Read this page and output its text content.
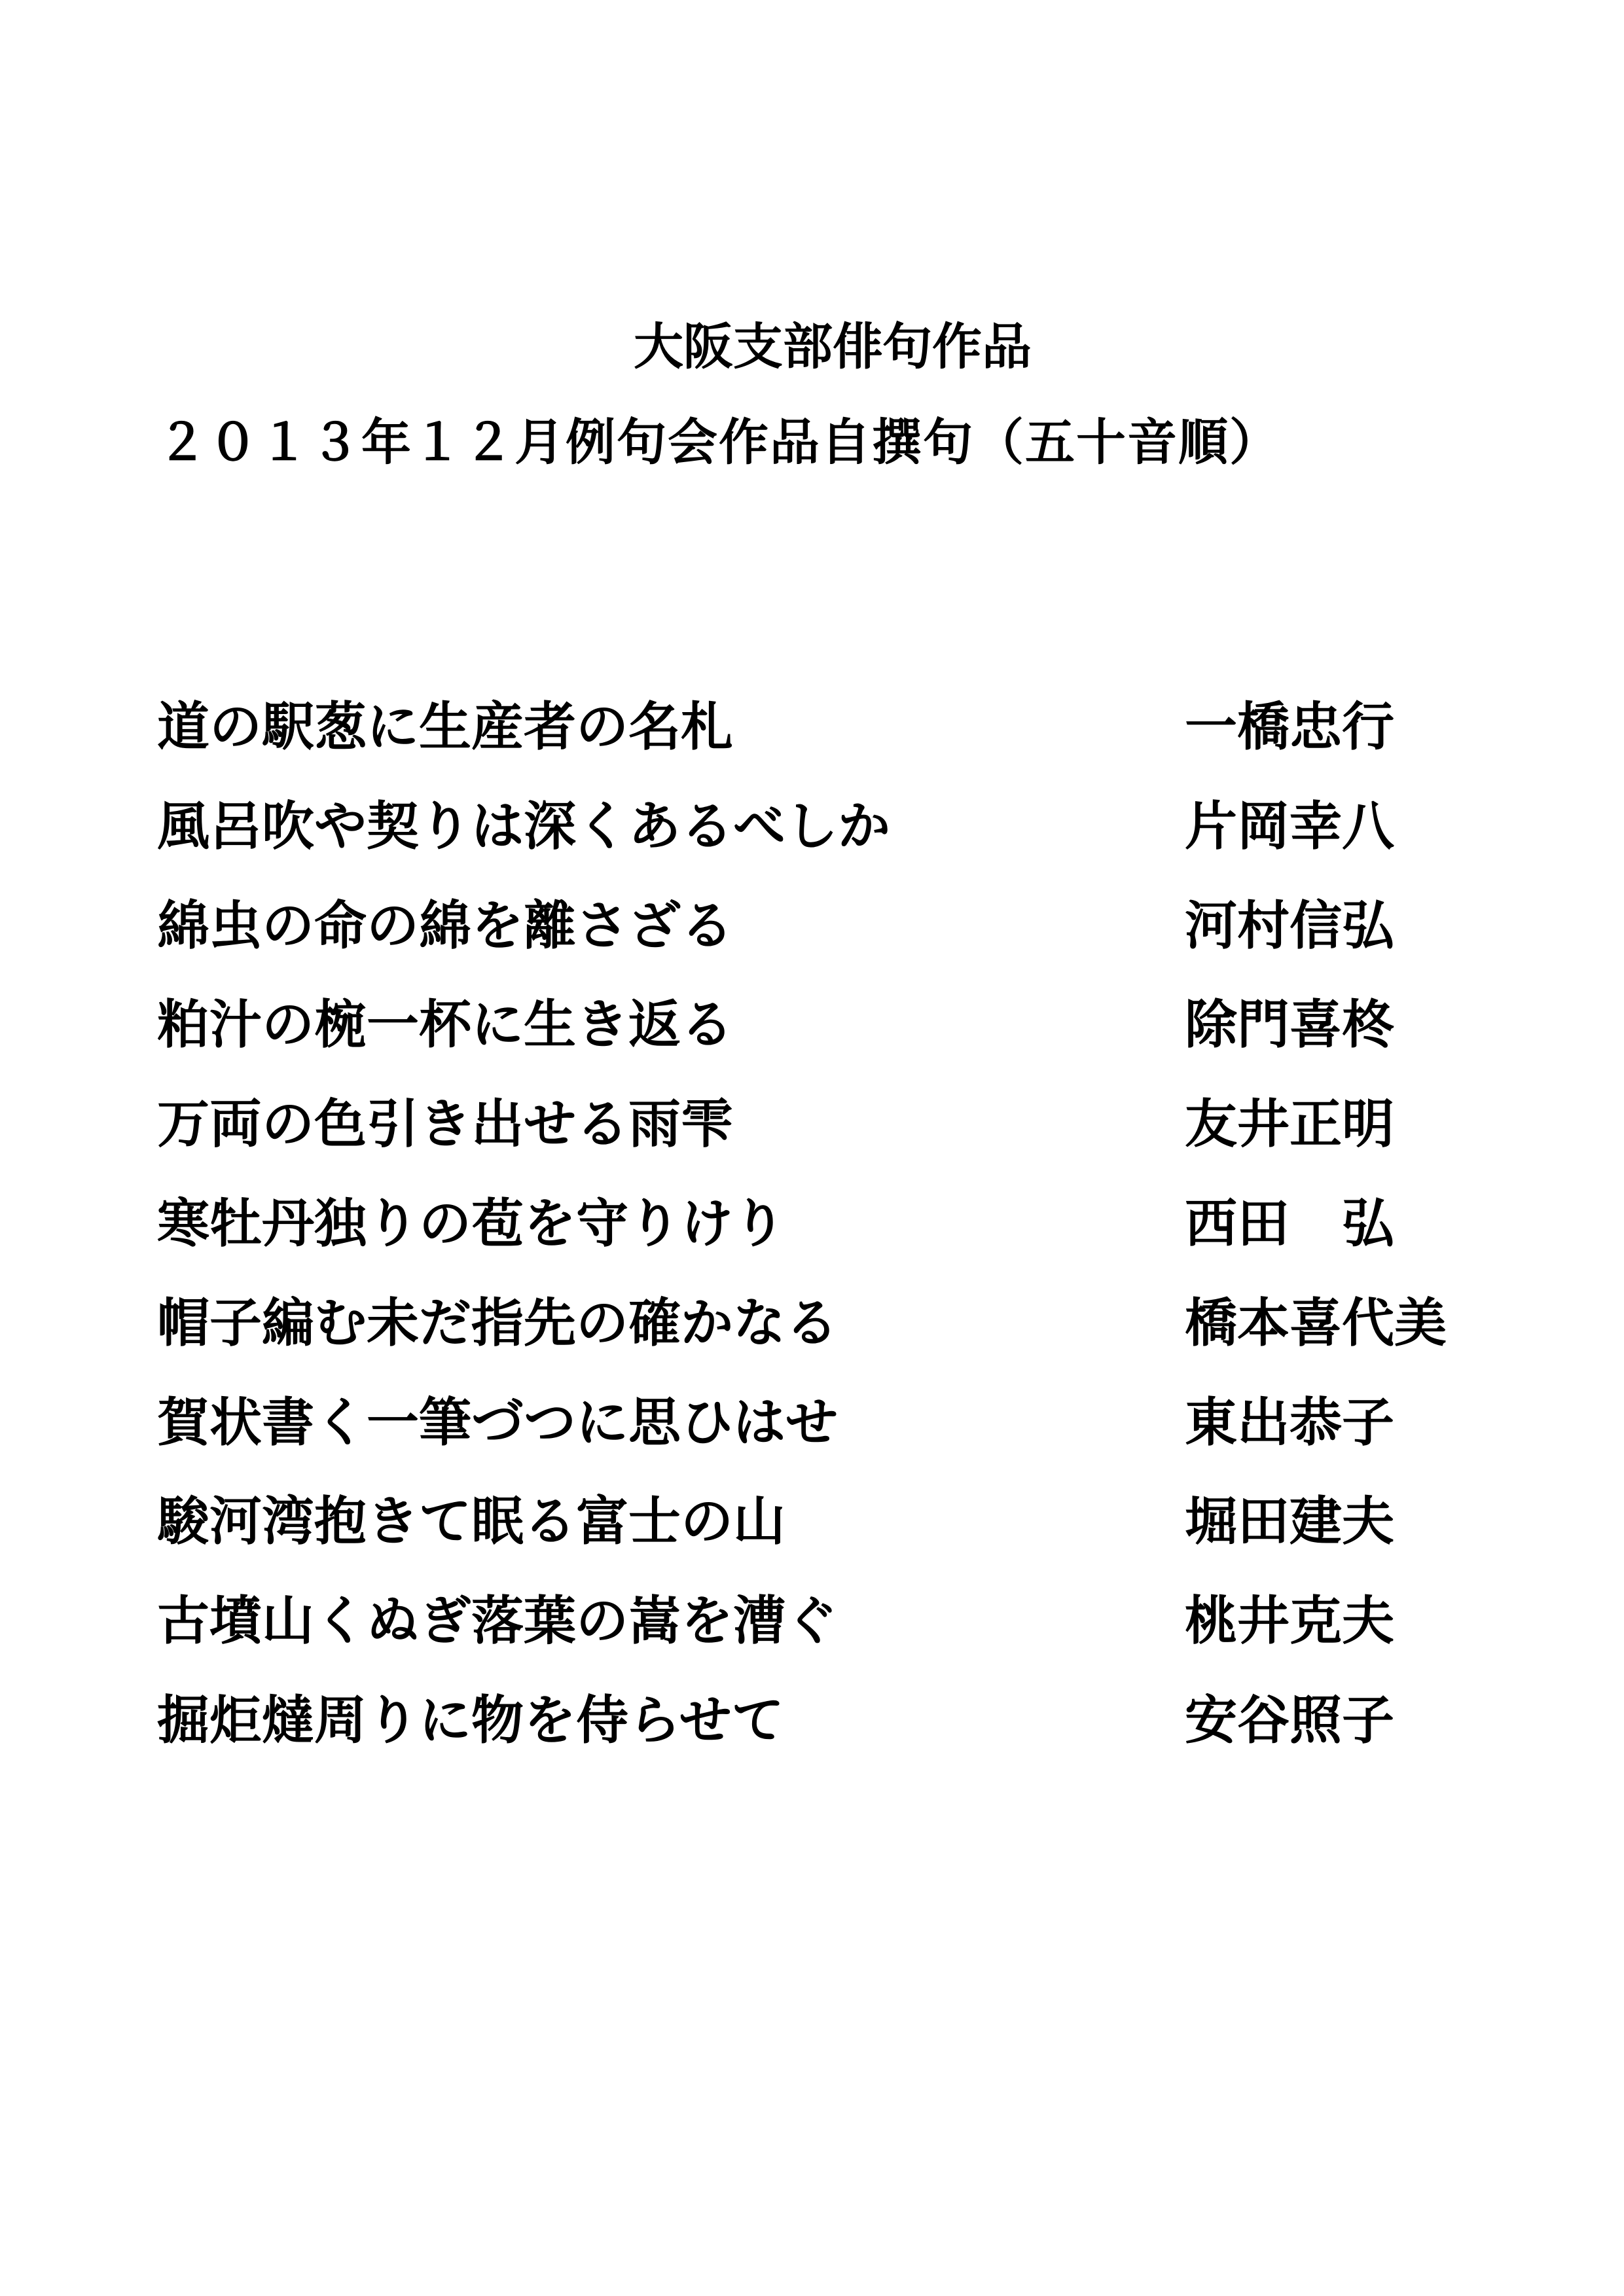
大阪支部俳句作品
２０１３年１２月例句会作品自撰句（五十音順）
道の駅葱に生産者の名札	一橋忠行
風呂吹や契りは深くあるべしか	片岡幸八
綿虫の命の綿を離さざる	河村信弘
粕汁の椀一杯に生き返る	除門喜柊
万両の色引き出せる雨雫	友井正明
寒牡丹独りの苞を守りけり	西田　弘
帽子編む未だ指先の確かなる	橋本喜代美
賀状書く一筆づつに思ひはせ	東出恭子
駿河湾抱きて眠る富士の山	堀田建夫
古墳山くぬぎ落葉の嵩を漕ぐ	桃井克夫
掘炬燵周りに物を侍らせて	安谷照子
